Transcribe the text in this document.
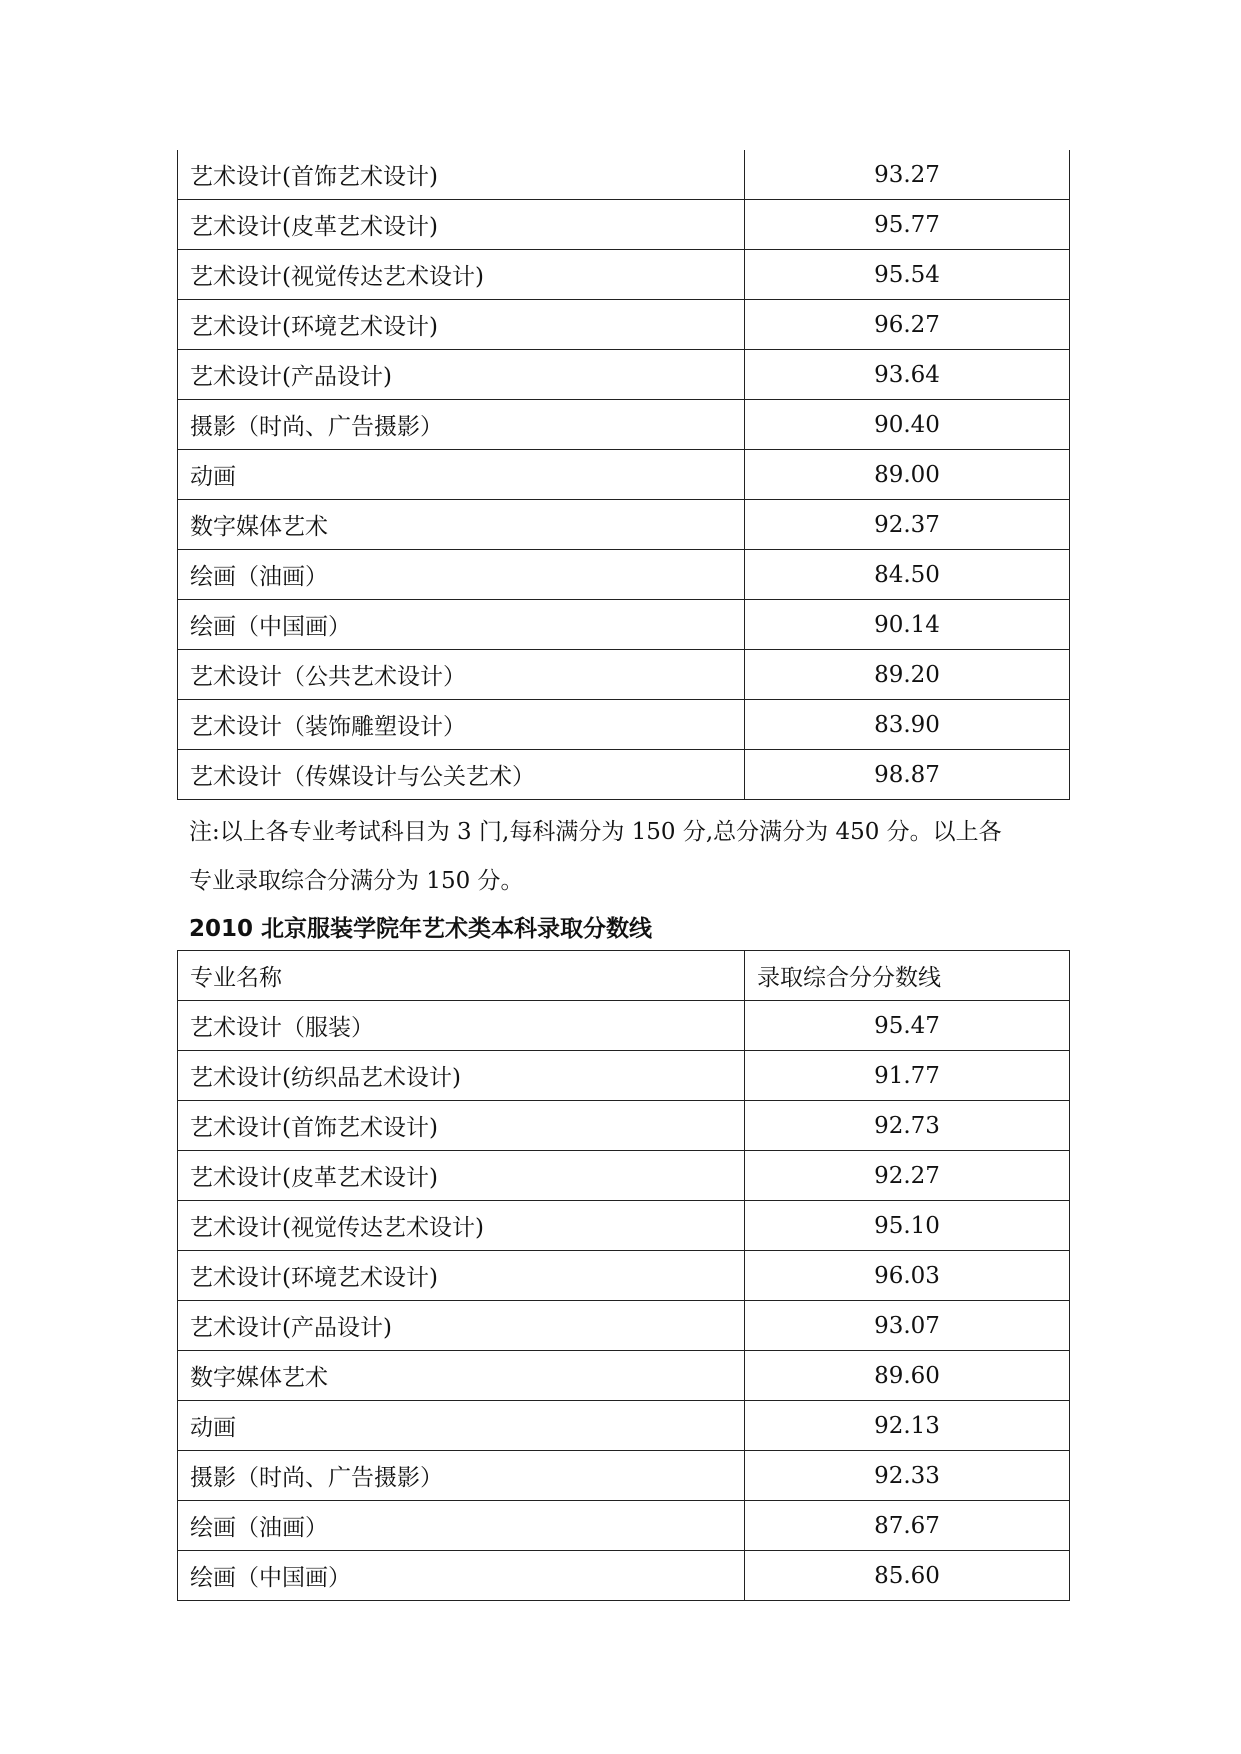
艺术设计(首饰艺术设计)	93.27
艺术设计(皮革艺术设计)	95.77
艺术设计(视觉传达艺术设计)	95.54
艺术设计(环境艺术设计)	96.27
艺术设计(产品设计)	93.64
摄影（时尚、广告摄影）	90.40
动画	89.00
数字媒体艺术	92.37
绘画（油画）	84.50
绘画（中国画）	90.14
艺术设计（公共艺术设计）	89.20
艺术设计（装饰雕塑设计）	83.90
艺术设计（传媒设计与公关艺术）	98.87
注:以上各专业考试科目为 3 门,每科满分为 150 分,总分满分为 450 分。以上各
专业录取综合分满分为 150 分。
2010 北京服装学院年艺术类本科录取分数线
专业名称	录取综合分分数线
艺术设计（服装）	95.47
艺术设计(纺织品艺术设计)	91.77
艺术设计(首饰艺术设计)	92.73
艺术设计(皮革艺术设计)	92.27
艺术设计(视觉传达艺术设计)	95.10
艺术设计(环境艺术设计)	96.03
艺术设计(产品设计)	93.07
数字媒体艺术	89.60
动画	92.13
摄影（时尚、广告摄影）	92.33
绘画（油画）	87.67
绘画（中国画）	85.60
